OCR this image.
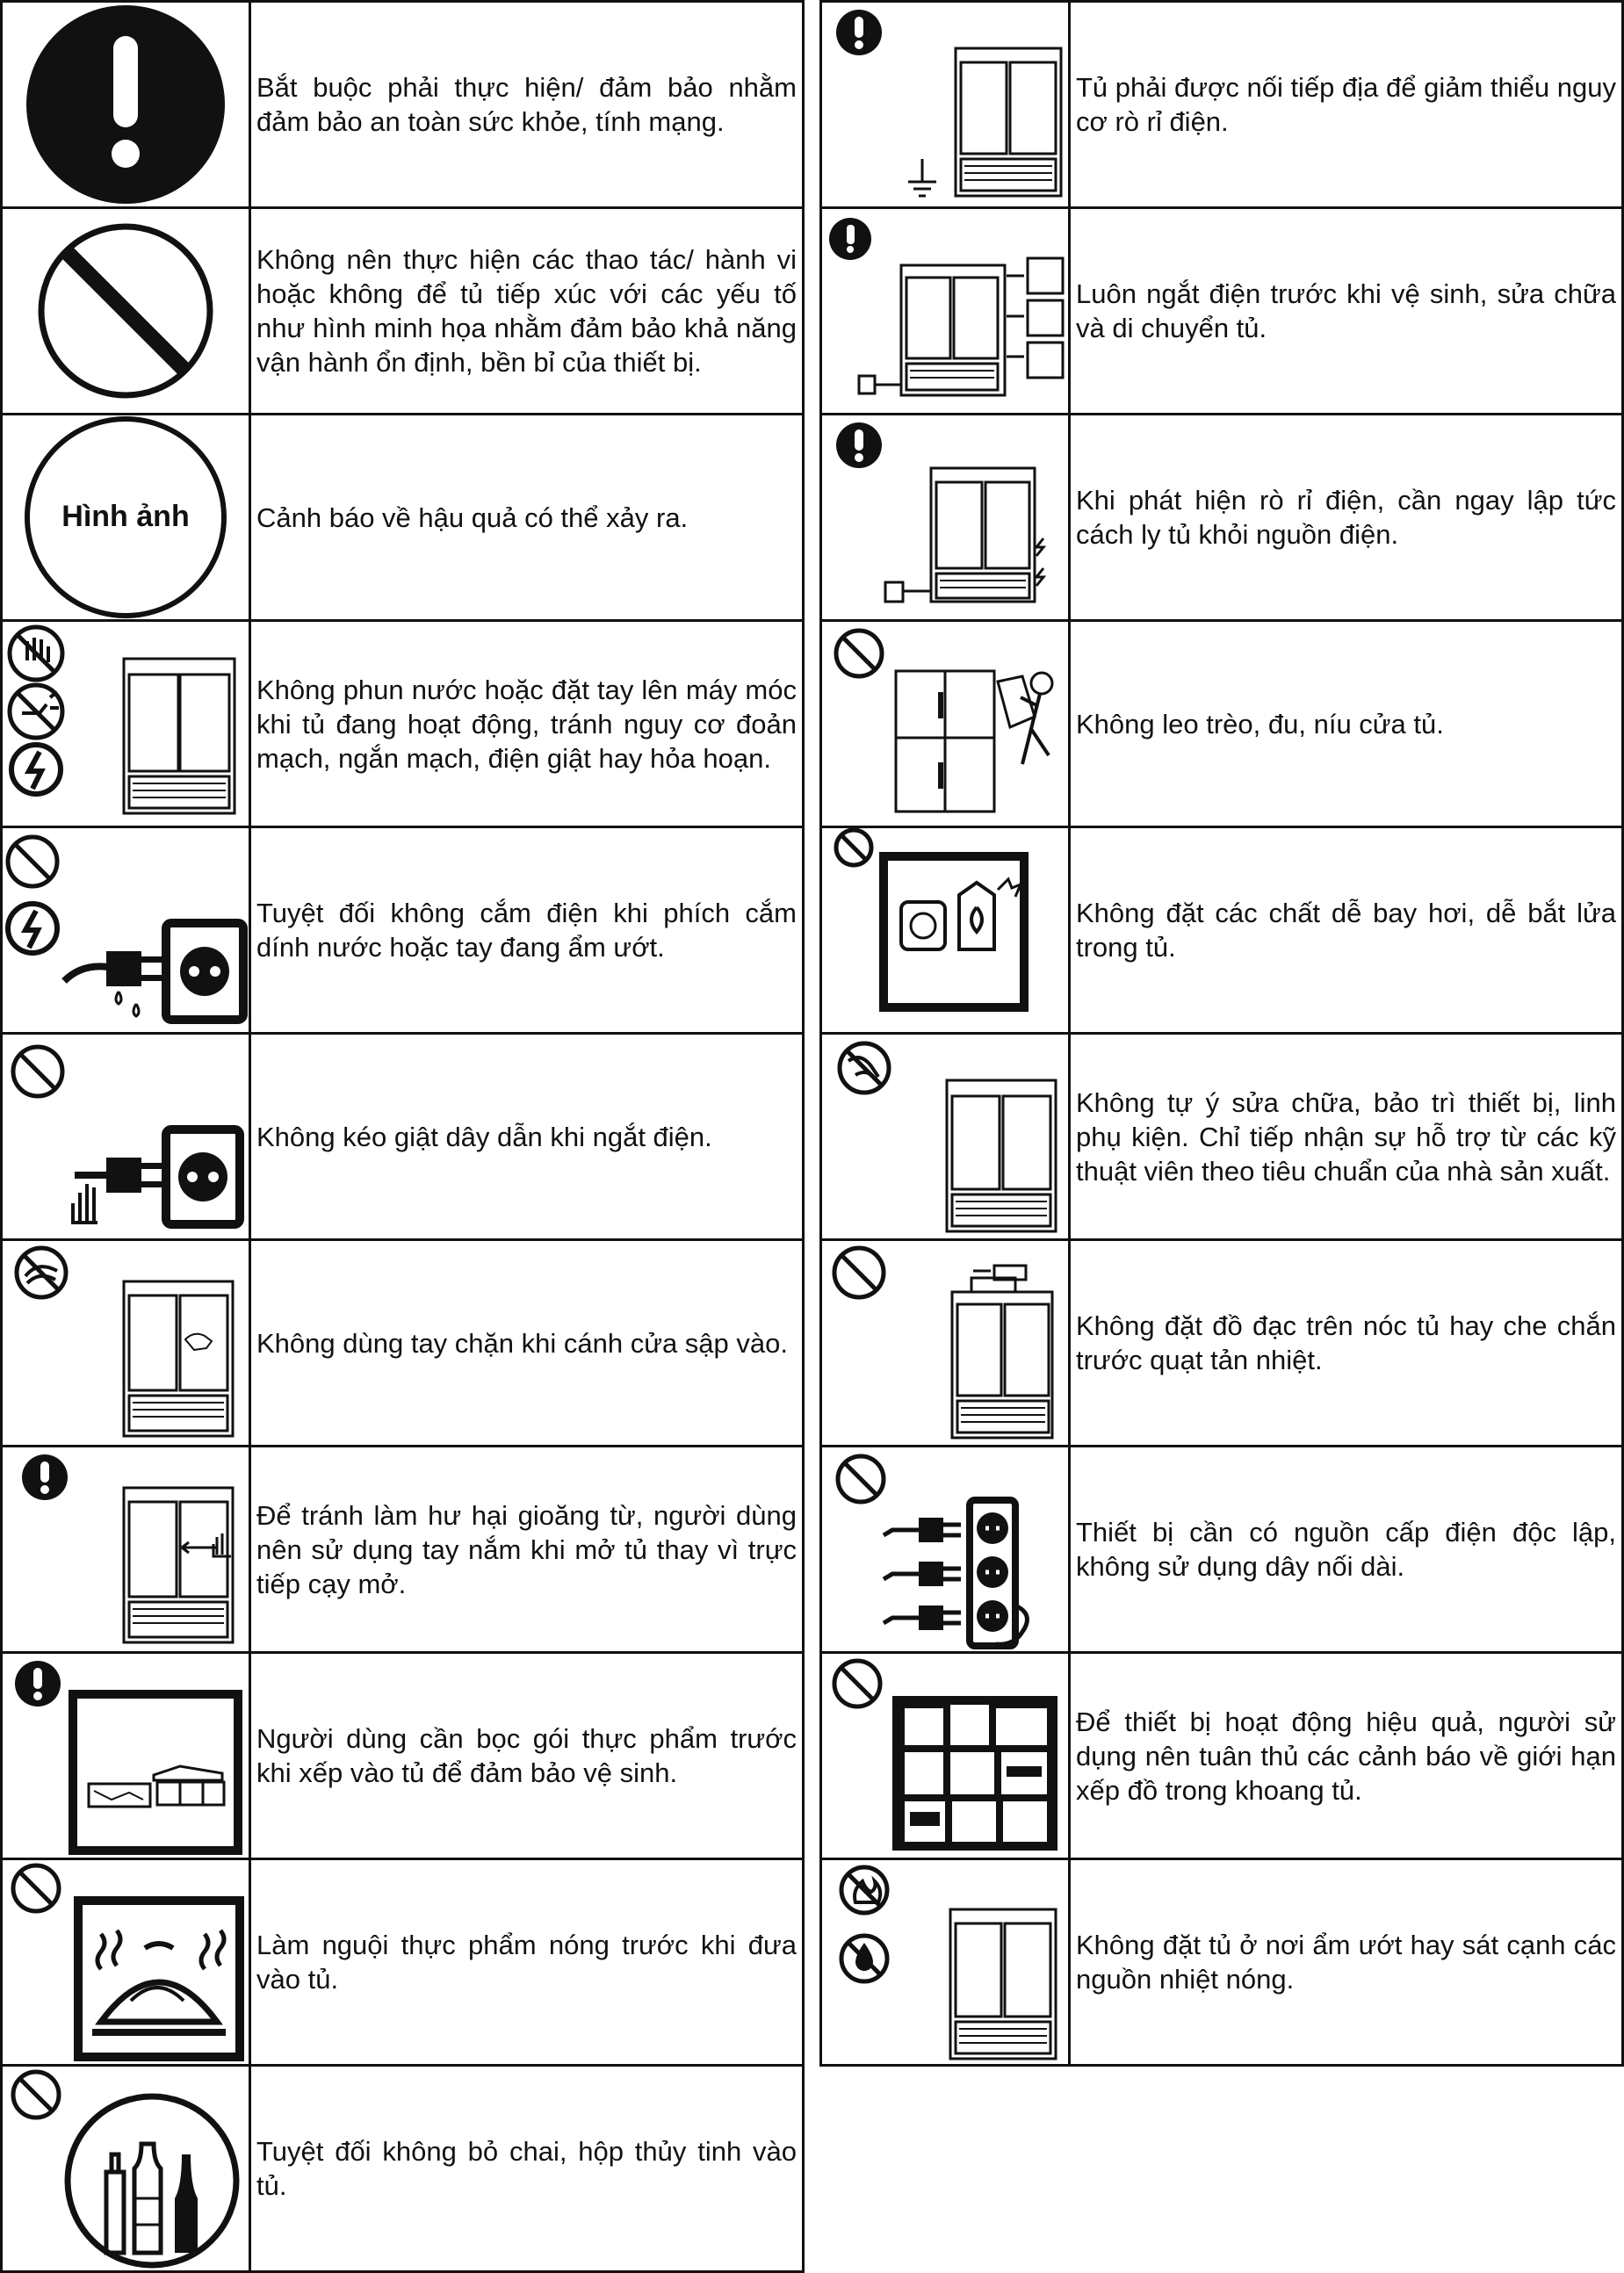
	Bắt buộc phải thực hiện/ đảm bảo nhằm đảm bảo an toàn sức khỏe, tính mạng.

	Không nên thực hiện các thao tác/ hành vi hoặc không để tủ tiếp xúc với các yếu tố như hình minh họa nhằm đảm bảo khả năng vận hành ổn định, bền bỉ của thiết bị.

Hình ảnh	Cảnh báo về hậu quả có thể xảy ra.

	Không phun nước hoặc đặt tay lên máy móc khi tủ đang hoạt động, tránh nguy cơ đoản mạch, ngắn mạch, điện giật hay hỏa hoạn.

	Tuyệt đối không cắm điện khi phích cắm dính nước hoặc tay đang ẩm ướt.

	Không kéo giật dây dẫn khi ngắt điện.

	Không dùng tay chặn khi cánh cửa sập vào.

	Để tránh làm hư hại gioăng từ, người dùng nên sử dụng tay nắm khi mở tủ thay vì trực tiếp cạy mở.

	Người dùng cần bọc gói thực phẩm trước khi xếp vào tủ để đảm bảo vệ sinh.

	Làm nguội thực phẩm nóng trước khi đưa vào tủ.

	Tuyệt đối không bỏ chai, hộp thủy tinh vào tủ.
	Tủ phải được nối tiếp địa để giảm thiểu nguy cơ rò rỉ điện.

	Luôn ngắt điện trước khi vệ sinh, sửa chữa và di chuyển tủ.

	Khi phát hiện rò rỉ điện, cần ngay lập tức cách ly tủ khỏi nguồn điện.

	Không leo trèo, đu, níu cửa tủ.

	Không đặt các chất dễ bay hơi, dễ bắt lửa trong tủ.

	Không tự ý sửa chữa, bảo trì thiết bị, linh phụ kiện. Chỉ tiếp nhận sự hỗ trợ từ các kỹ thuật viên theo tiêu chuẩn của nhà sản xuất.

	Không đặt đồ đạc trên nóc tủ hay che chắn trước quạt tản nhiệt.

	Thiết bị cần có nguồn cấp điện độc lập, không sử dụng dây nối dài.

	Để thiết bị hoạt động hiệu quả, người sử dụng nên tuân thủ các cảnh báo về giới hạn xếp đồ trong khoang tủ.

	Không đặt tủ ở nơi ẩm ướt hay sát cạnh các nguồn nhiệt nóng.
